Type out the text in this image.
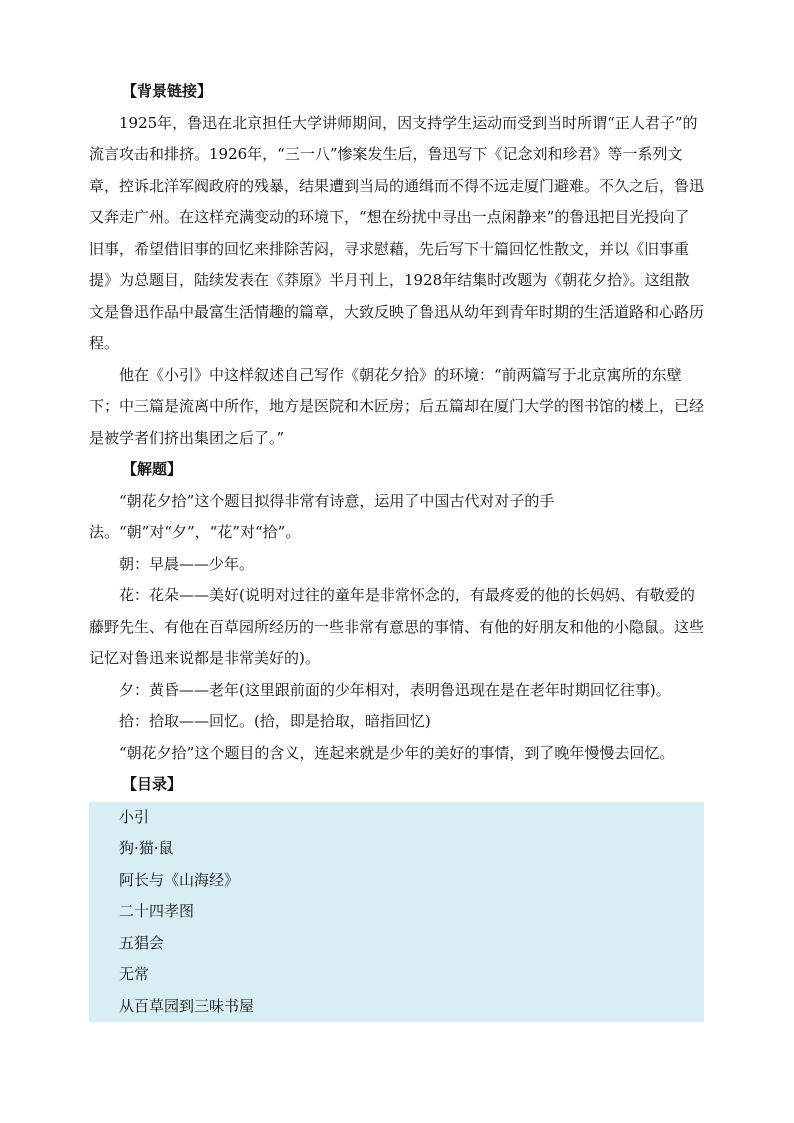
【背景链接】

1925年，鲁迅在北京担任大学讲师期间，因支持学生运动而受到当时所谓“正人君子”的流言攻击和排挤。1926年，“三一八”惨案发生后，鲁迅写下《记念刘和珍君》等一系列文章，控诉北洋军阀政府的残暴，结果遭到当局的通缉而不得不远走厦门避难。不久之后，鲁迅又奔走广州。在这样充满变动的环境下，“想在纷扰中寻出一点闲静来”的鲁迅把目光投向了旧事，希望借旧事的回忆来排除苦闷，寻求慰藉，先后写下十篇回忆性散文，并以《旧事重提》为总题目，陆续发表在《莽原》半月刊上，1928年结集时改题为《朝花夕拾》。这组散文是鲁迅作品中最富生活情趣的篇章，大致反映了鲁迅从幼年到青年时期的生活道路和心路历程。

他在《小引》中这样叙述自己写作《朝花夕拾》的环境：“前两篇写于北京寓所的东壁下；中三篇是流离中所作，地方是医院和木匠房；后五篇却在厦门大学的图书馆的楼上，已经是被学者们挤出集团之后了。”

【解题】

“朝花夕拾”这个题目拟得非常有诗意，运用了中国古代对对子的手法。“朝”对“夕”，“花”对“拾”。

朝：早晨——少年。

花：花朵——美好(说明对过往的童年是非常怀念的，有最疼爱的他的长妈妈、有敬爱的藤野先生、有他在百草园所经历的一些非常有意思的事情、有他的好朋友和他的小隐鼠。这些记忆对鲁迅来说都是非常美好的)。

夕：黄昏——老年(这里跟前面的少年相对，表明鲁迅现在是在老年时期回忆往事)。

拾：拾取——回忆。(拾，即是拾取，暗指回忆)

“朝花夕拾”这个题目的含义，连起来就是少年的美好的事情，到了晚年慢慢去回忆。

【目录】

小引
狗·猫·鼠
阿长与《山海经》
二十四孝图
五猖会
无常
从百草园到三味书屋
